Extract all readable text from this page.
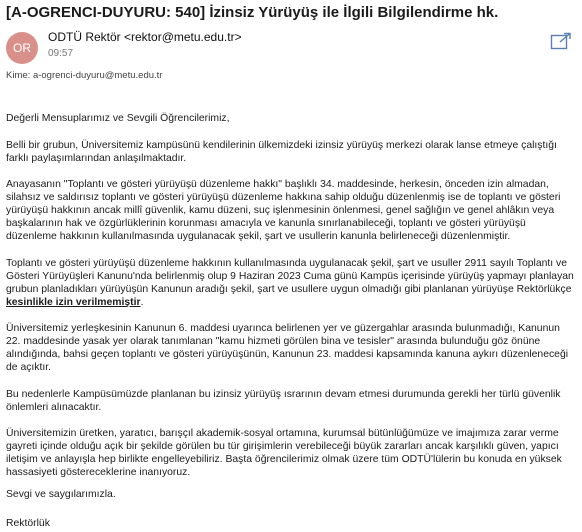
[A-OGRENCI-DUYURU: 540] İzinsiz Yürüyüş ile İlgili Bilgilendirme hk.
OR
ODTÜ Rektör <rektor@metu.edu.tr>
09:57
Kime: a-ogrenci-duyuru@metu.edu.tr

Değerli Mensuplarımız ve Sevgili Öğrencilerimiz,

Belli bir grubun, Üniversitemiz kampüsünü kendilerinin ülkemizdeki izinsiz yürüyüş merkezi olarak lanse etmeye çalıştığı farklı paylaşımlarından anlaşılmaktadır.

Anayasanın "Toplantı ve gösteri yürüyüşü düzenleme hakkı" başlıklı 34. maddesinde, herkesin, önceden izin almadan, silahsız ve saldırısız toplantı ve gösteri yürüyüşü düzenleme hakkına sahip olduğu düzenlenmiş ise de toplantı ve gösteri yürüyüşü hakkının ancak millî güvenlik, kamu düzeni, suç işlenmesinin önlenmesi, genel sağlığın ve genel ahlâkın veya başkalarının hak ve özgürlüklerinin korunması amacıyla ve kanunla sınırlanabileceği, toplantı ve gösteri yürüyüşü düzenleme hakkının kullanılmasında uygulanacak şekil, şart ve usullerin kanunla belirleneceği düzenlenmiştir.

Toplantı ve gösteri yürüyüşü düzenleme hakkının kullanılmasında uygulanacak şekil, şart ve usuller 2911 sayılı Toplantı ve Gösteri Yürüyüşleri Kanunu'nda belirlenmiş olup 9 Haziran 2023 Cuma günü Kampüs içerisinde yürüyüş yapmayı planlayan grubun planladıkları yürüyüşün Kanunun aradığı şekil, şart ve usullere uygun olmadığı gibi planlanan yürüyüşe Rektörlükçe kesinlikle izin verilmemiştir.

Üniversitemiz yerleşkesinin Kanunun 6. maddesi uyarınca belirlenen yer ve güzergahlar arasında bulunmadığı, Kanunun 22. maddesinde yasak yer olarak tanımlanan "kamu hizmeti görülen bina ve tesisler" arasında bulunduğu göz önüne alındığında, bahsi geçen toplantı ve gösteri yürüyüşünün, Kanunun 23. maddesi kapsamında kanuna aykırı düzenleneceği de açıktır.

Bu nedenlerle Kampüsümüzde planlanan bu izinsiz yürüyüş ısrarının devam etmesi durumunda gerekli her türlü güvenlik önlemleri alınacaktır.

Üniversitemizin üretken, yaratıcı, barışçıl akademik-sosyal ortamına, kurumsal bütünlüğümüze ve imajımıza zarar verme gayreti içinde olduğu açık bir şekilde görülen bu tür girişimlerin verebileceği büyük zararları ancak karşılıklı güven, yapıcı iletişim ve anlayışla hep birlikte engelleyebiliriz. Başta öğrencilerimiz olmak üzere tüm ODTÜ'lülerin bu konuda en yüksek hassasiyeti göstereceklerine inanıyoruz.

Sevgi ve saygılarımızla.

Rektörlük
